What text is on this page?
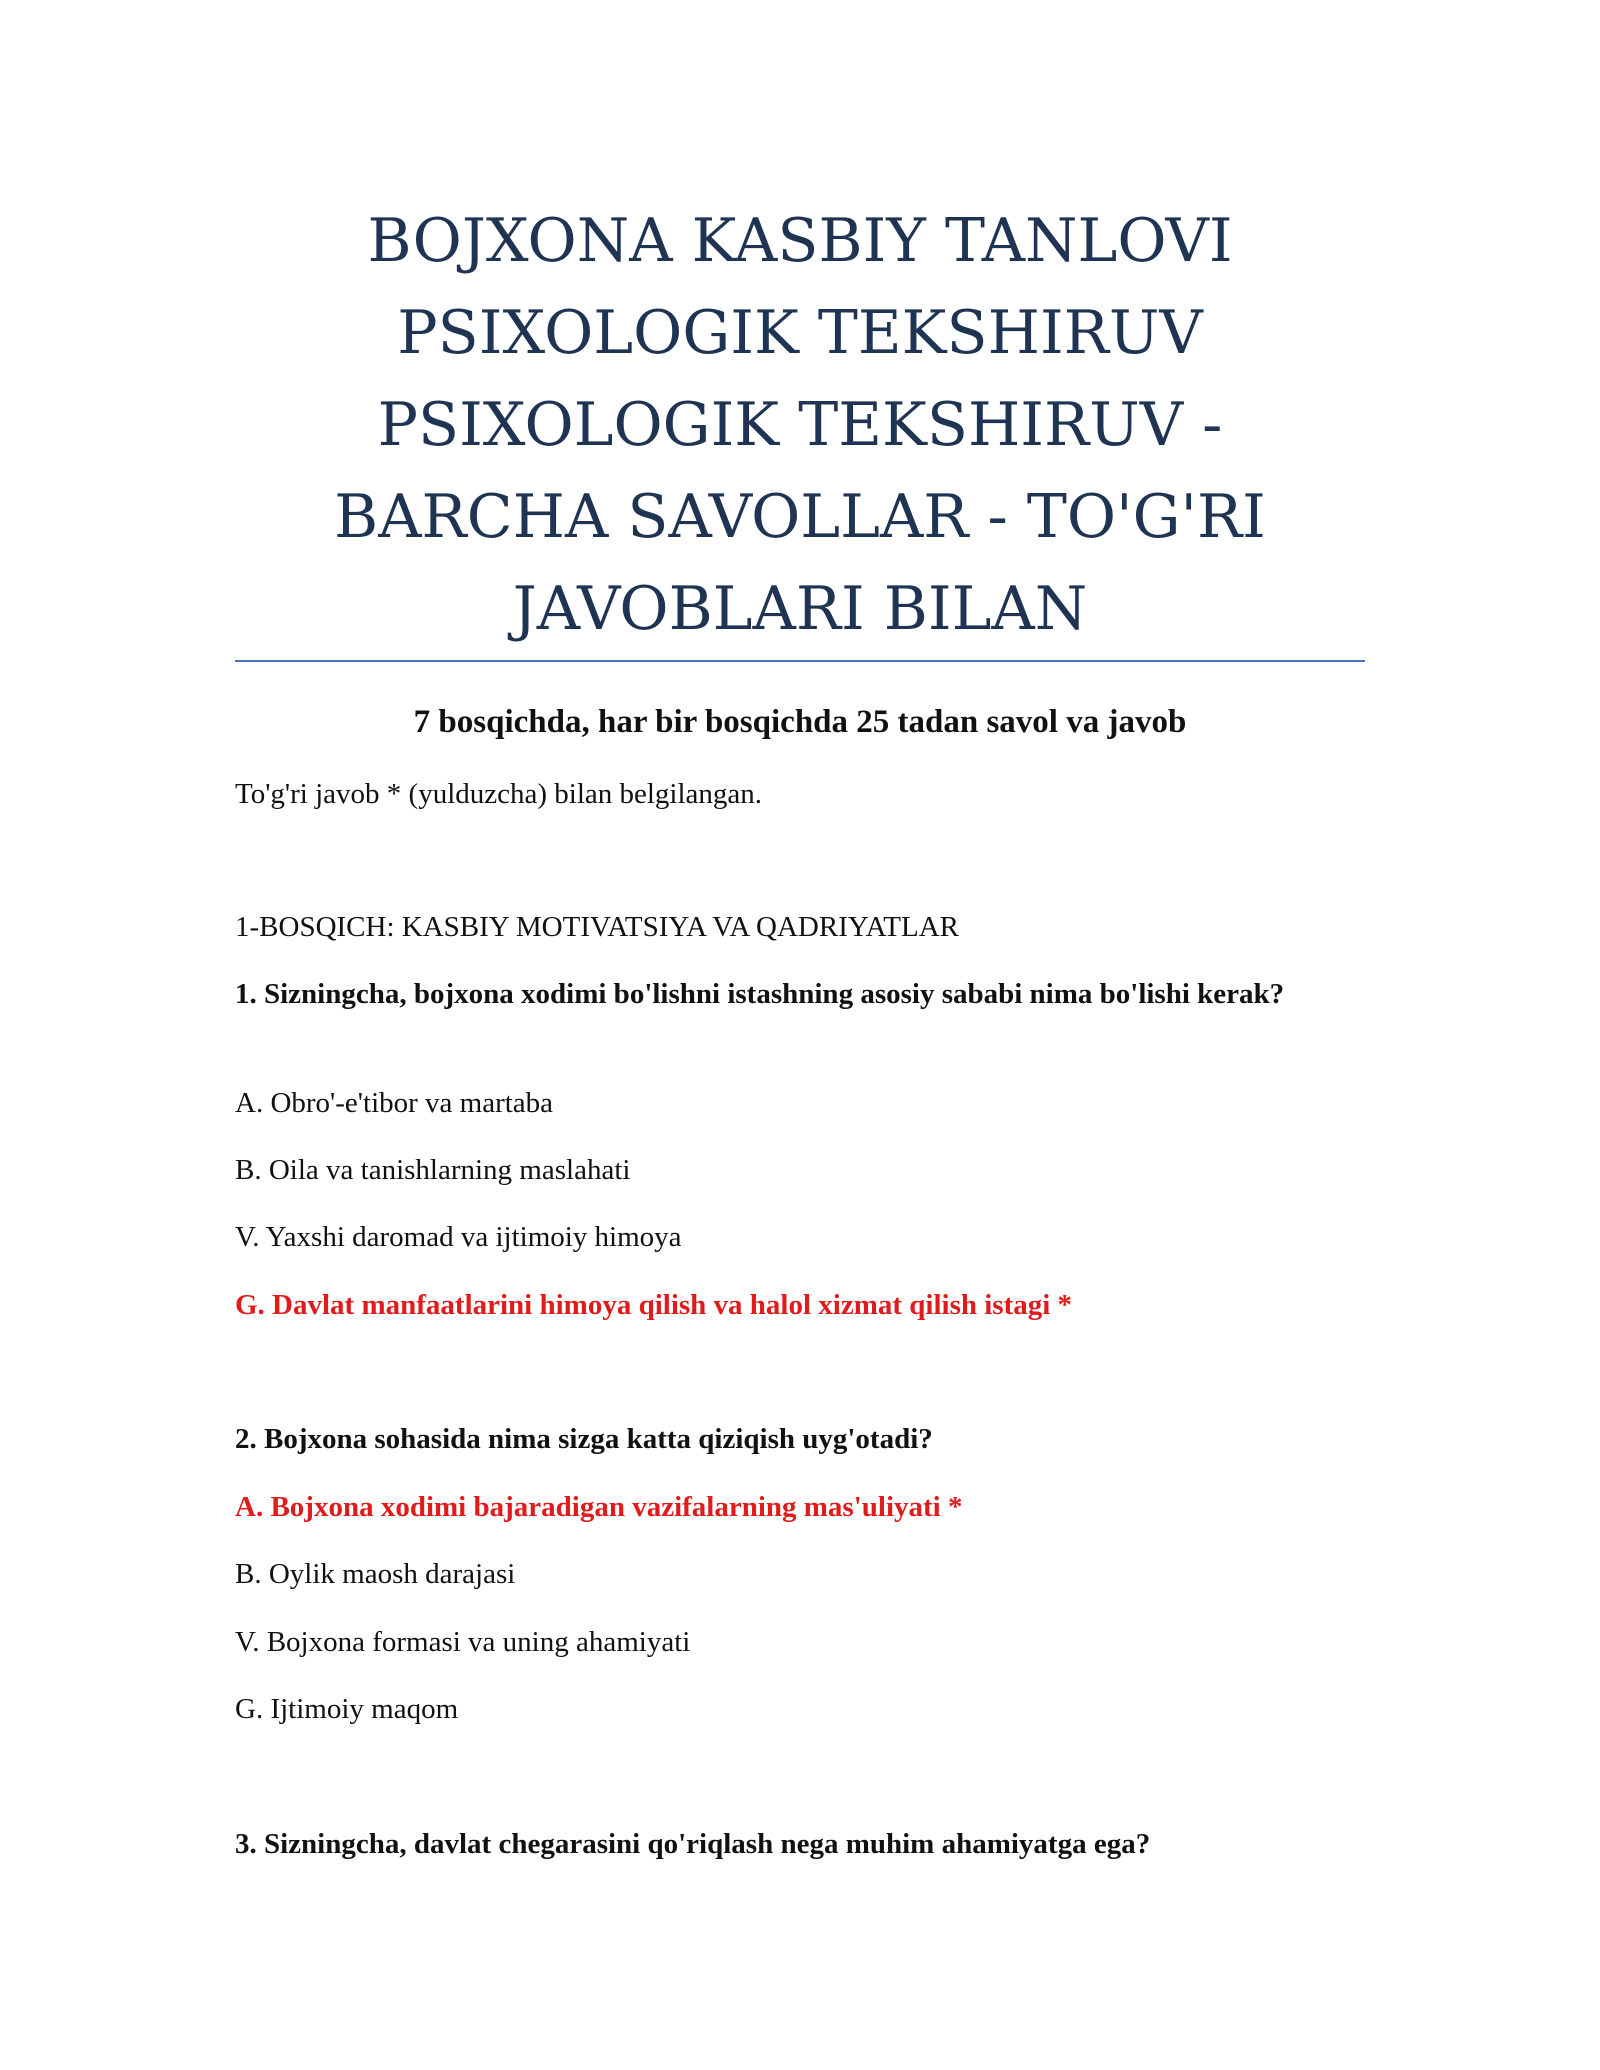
BOJXONA KASBIY TANLOVI
PSIXOLOGIK TEKSHIRUV
PSIXOLOGIK TEKSHIRUV -
BARCHA SAVOLLAR - TO'G'RI
JAVOBLARI BILAN

7 bosqichda, har bir bosqichda 25 tadan savol va javob

To'g'ri javob * (yulduzcha) bilan belgilangan.

1-BOSQICH: KASBIY MOTIVATSIYA VA QADRIYATLAR

1. Sizningcha, bojxona xodimi bo'lishni istashning asosiy sababi nima bo'lishi kerak?

A. Obro'-e'tibor va martaba

B. Oila va tanishlarning maslahati

V. Yaxshi daromad va ijtimoiy himoya

G. Davlat manfaatlarini himoya qilish va halol xizmat qilish istagi *

2. Bojxona sohasida nima sizga katta qiziqish uyg'otadi?

A. Bojxona xodimi bajaradigan vazifalarning mas'uliyati *

B. Oylik maosh darajasi

V. Bojxona formasi va uning ahamiyati

G. Ijtimoiy maqom

3. Sizningcha, davlat chegarasini qo'riqlash nega muhim ahamiyatga ega?
